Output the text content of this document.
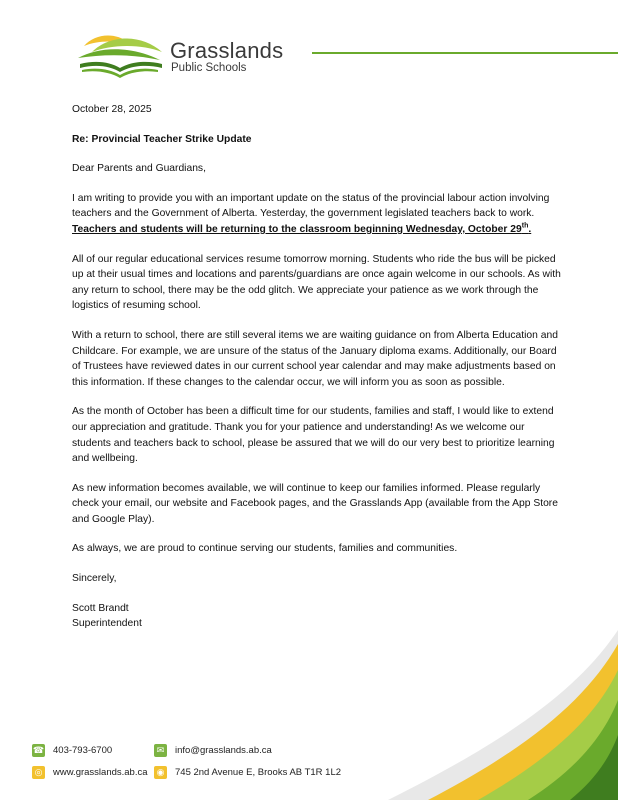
Grasslands
Public Schools

October 28, 2025

Re: Provincial Teacher Strike Update

Dear Parents and Guardians,

I am writing to provide you with an important update on the status of the provincial labour action involving teachers and the Government of Alberta. Yesterday, the government legislated teachers back to work. Teachers and students will be returning to the classroom beginning Wednesday, October 29th.

All of our regular educational services resume tomorrow morning. Students who ride the bus will be picked up at their usual times and locations and parents/guardians are once again welcome in our schools. As with any return to school, there may be the odd glitch. We appreciate your patience as we work through the logistics of resuming school.

With a return to school, there are still several items we are waiting guidance on from Alberta Education and Childcare. For example, we are unsure of the status of the January diploma exams. Additionally, our Board of Trustees have reviewed dates in our current school year calendar and may make adjustments based on this information. If these changes to the calendar occur, we will inform you as soon as possible.

As the month of October has been a difficult time for our students, families and staff, I would like to extend our appreciation and gratitude. Thank you for your patience and understanding! As we welcome our students and teachers back to school, please be assured that we will do our very best to prioritize learning and wellbeing.

As new information becomes available, we will continue to keep our families informed. Please regularly check your email, our website and Facebook pages, and the Grasslands App (available from the App Store and Google Play).

As always, we are proud to continue serving our students, families and communities.

Sincerely,

Scott Brandt

Superintendent

☎ 403-793-6700	✉ info@grasslands.ab.ca
◎ www.grasslands.ab.ca ◉ 745 2nd Avenue E, Brooks AB T1R 1L2
